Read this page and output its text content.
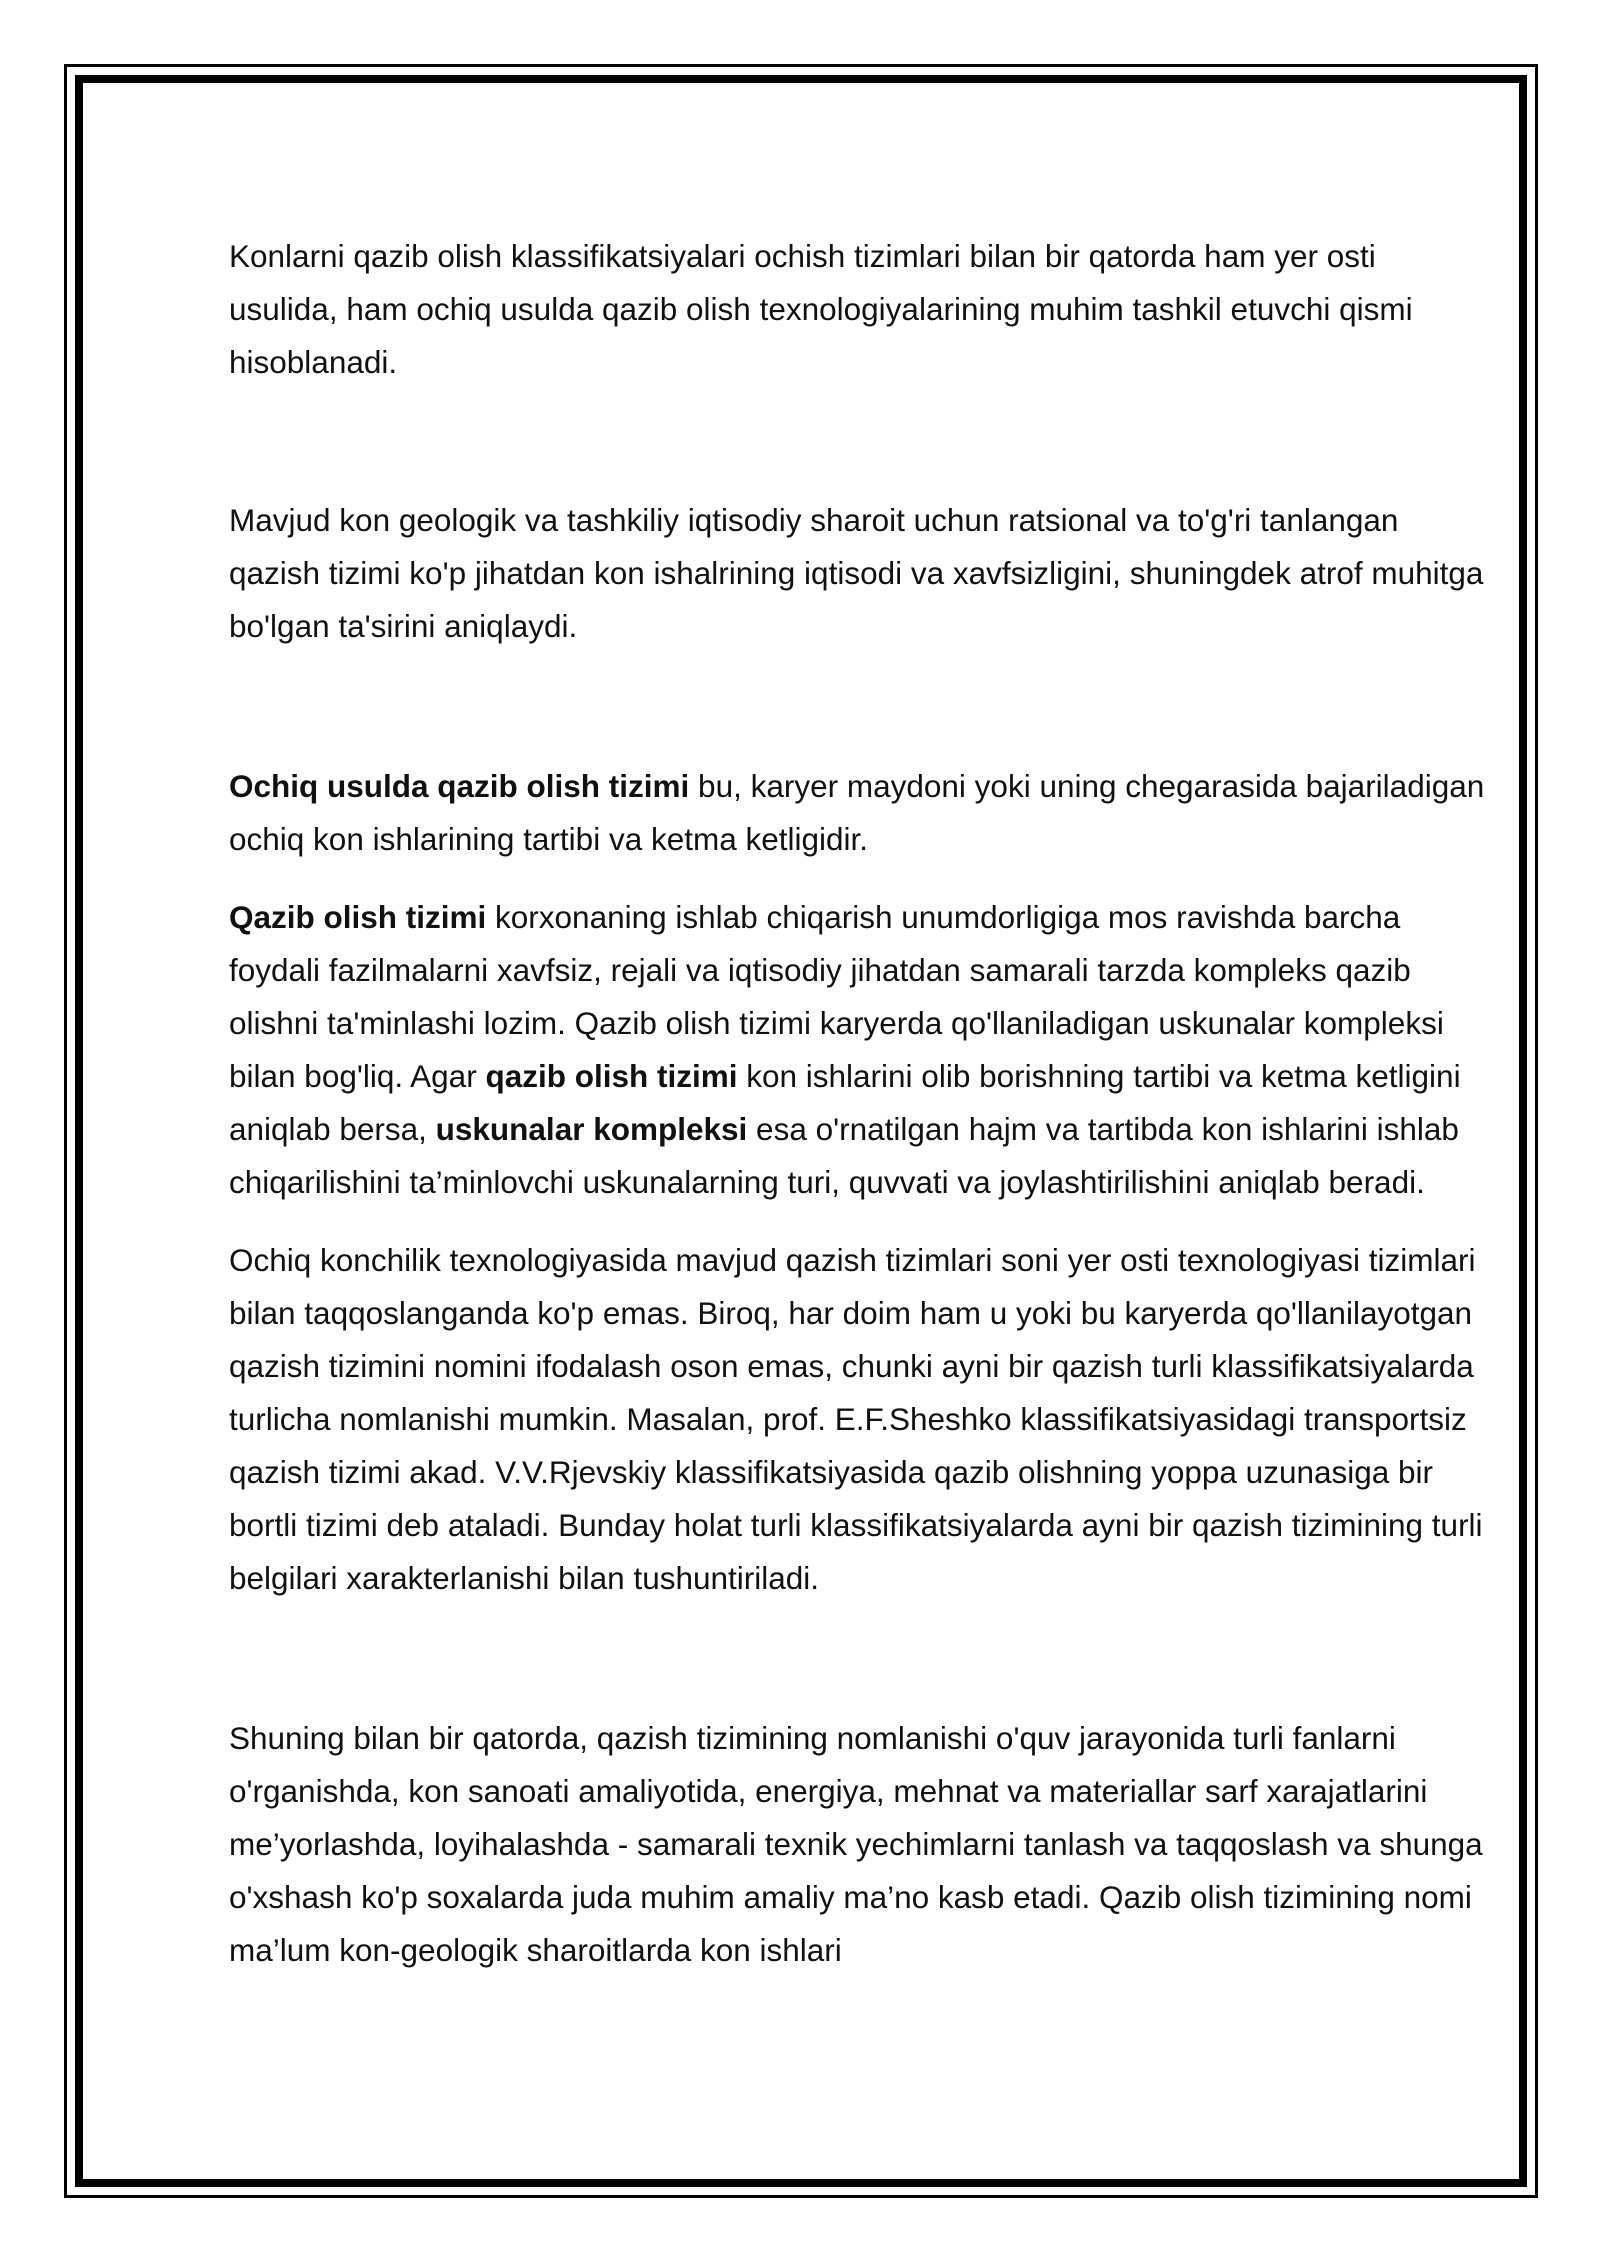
Konlarni qazib olish klassifikatsiyalari ochish tizimlari bilan bir qatorda ham yer osti usulida, ham ochiq usulda qazib olish texnologiyalarining muhim tashkil etuvchi qismi hisoblanadi.

Mavjud kon geologik va tashkiliy iqtisodiy sharoit uchun ratsional va to'g'ri tanlangan qazish tizimi ko'p jihatdan kon ishalrining iqtisodi va xavfsizligini, shuningdek atrof muhitga bo'lgan ta'sirini aniqlaydi.

Ochiq usulda qazib olish tizimi bu, karyer maydoni yoki uning chegarasida bajariladigan ochiq kon ishlarining tartibi va ketma ketligidir.

Qazib olish tizimi korxonaning ishlab chiqarish unumdorligiga mos ravishda barcha foydali fazilmalarni xavfsiz, rejali va iqtisodiy jihatdan samarali tarzda kompleks qazib olishni ta'minlashi lozim. Qazib olish tizimi karyerda qo'llaniladigan uskunalar kompleksi bilan bog'liq. Agar qazib olish tizimi kon ishlarini olib borishning tartibi va ketma ketligini aniqlab bersa, uskunalar kompleksi esa o'rnatilgan hajm va tartibda kon ishlarini ishlab chiqarilishini ta’minlovchi uskunalarning turi, quvvati va joylashtirilishini aniqlab beradi.

Ochiq konchilik texnologiyasida mavjud qazish tizimlari soni yer osti texnologiyasi tizimlari bilan taqqoslanganda ko'p emas. Biroq, har doim ham u yoki bu karyerda qo'llanilayotgan qazish tizimini nomini ifodalash oson emas, chunki ayni bir qazish turli klassifikatsiyalarda turlicha nomlanishi mumkin. Masalan, prof. E.F.Sheshko klassifikatsiyasidagi transportsiz qazish tizimi akad. V.V.Rjevskiy klassifikatsiyasida qazib olishning yoppa uzunasiga bir bortli tizimi deb ataladi. Bunday holat turli klassifikatsiyalarda ayni bir qazish tizimining turli belgilari xarakterlanishi bilan tushuntiriladi.

Shuning bilan bir qatorda, qazish tizimining nomlanishi o'quv jarayonida turli fanlarni o'rganishda, kon sanoati amaliyotida, energiya, mehnat va materiallar sarf xarajatlarini me’yorlashda, loyihalashda - samarali texnik yechimlarni tanlash va taqqoslash va shunga o'xshash ko'p soxalarda juda muhim amaliy ma’no kasb etadi. Qazib olish tizimining nomi ma’lum kon-geologik sharoitlarda kon ishlari
